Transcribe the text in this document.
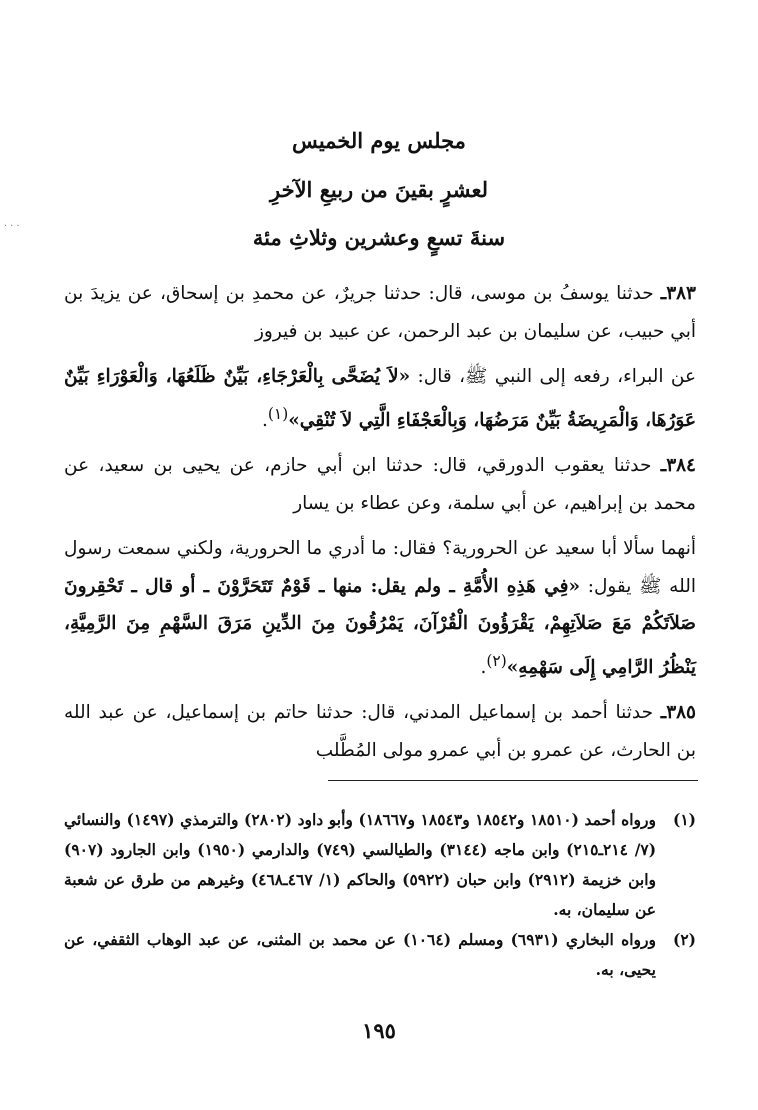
...
مجلس يوم الخميس
لعشرٍ بقينَ من ربيعِ الآخرِ
سنةَ تسعٍ وعشرين وثلاثِ مئة

٣٨٣ـ حدثنا يوسفُ بن موسى، قال: حدثنا جريرٌ، عن محمدِ بن إسحاق، عن يزيدَ بن أبي حبيب، عن سليمان بن عبد الرحمن، عن عبيد بن فيروز

عن البراء، رفعه إلى النبي ﷺ، قال: «لاَ يُضَحَّى بِالْعَرْجَاءِ، بَيِّنٌ ظَلَعُهَا، وَالْعَوْرَاءِ بَيِّنٌ عَوَرُهَا، وَالْمَرِيضَةُ بَيِّنٌ مَرَضُهَا، وَبِالْعَجْفَاءِ الَّتِي لاَ تُنْقِي»$^{(١)}$.

٣٨٤ـ حدثنا يعقوب الدورقي، قال: حدثنا ابن أبي حازم، عن يحيى بن سعيد، عن محمد بن إبراهيم، عن أبي سلمة، وعن عطاء بن يسار

أنهما سألا أبا سعيد عن الحرورية؟ فقال: ما أدري ما الحرورية، ولكني سمعت رسول الله ﷺ يقول: «فِي هَذِهِ الأُمَّةِ ـ ولم يقل: منها ـ قَوْمٌ تَتَحَرَّوْنَ ـ أو قال ـ تَحْقِرونَ صَلاَتَكُمْ مَعَ صَلاَتِهِمْ، يَقْرَؤُونَ الْقُرْآنَ، يَمْرُقُونَ مِنَ الدِّينِ مَرَقَ السَّهْمِ مِنَ الرَّمِيَّةِ، يَنْظُرُ الرَّامِي إِلَى سَهْمِهِ»$^{(٢)}$.

٣٨٥ـ حدثنا أحمد بن إسماعيل المدني، قال: حدثنا حاتم بن إسماعيل، عن عبد الله بن الحارث، عن عمرو بن أبي عمرو مولى المُطَّلب

(١)
ورواه أحمد (١٨٥١٠ و١٨٥٤٢ و١٨٥٤٣ و١٨٦٦٧) وأبو داود (٢٨٠٢) والترمذي (١٤٩٧) والنسائي (٧/ ٢١٤ـ٢١٥) وابن ماجه (٣١٤٤) والطيالسي (٧٤٩) والدارمي (١٩٥٠) وابن الجارود (٩٠٧) وابن خزيمة (٢٩١٢) وابن حبان (٥٩٢٢) والحاكم (١/ ٤٦٧ـ٤٦٨) وغيرهم من طرق عن شعبة عن سليمان، به.
(٢)
ورواه البخاري (٦٩٣١) ومسلم (١٠٦٤) عن محمد بن المثنى، عن عبد الوهاب الثقفي، عن يحيى، به.
١٩٥
